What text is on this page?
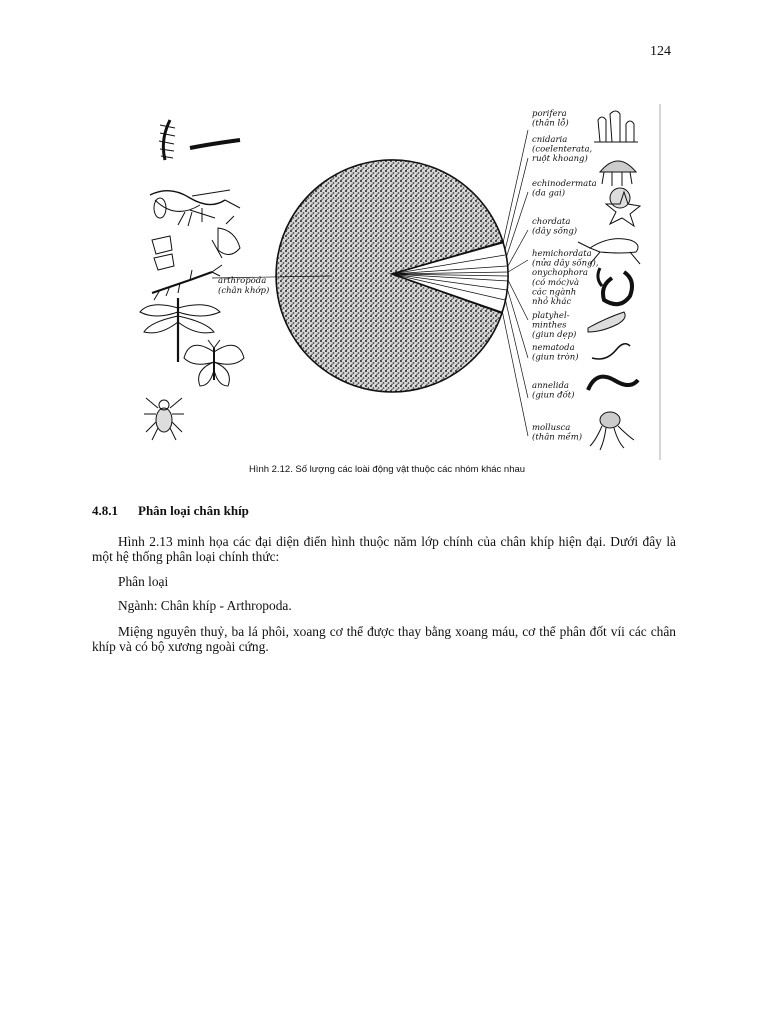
124
porifera
(thân lỗ)
cnidaria
(coelenterata,
ruột khoang)
echinodermata
(da gai)
chordata
(dây sống)
hemichordata
(nửa dây sống),
onychophora
(có móc)và
các ngành
nhỏ khác
platyhel-
minthes
(giun dẹp)
nematoda
(giun tròn)
annelida
(giun đốt)
mollusca
(thân mềm)
arthropoda
(chân khớp)
Hình 2.12. Số lượng các loài động vật thuộc các nhóm khác nhau
4.8.1 Phân loại chân khíp
Hình 2.13 minh họa các đại diện điển hình thuộc năm lớp chính của chân khíp hiện đại. Dưới đây là một hệ thống phân loại chính thức:
Phân loại
Ngành: Chân khíp - Arthropoda.
Miệng nguyên thuỷ, ba lá phôi, xoang cơ thể được thay bằng xoang máu, cơ thể phân đốt víi các chân khíp và có bộ xương ngoài cứng.
